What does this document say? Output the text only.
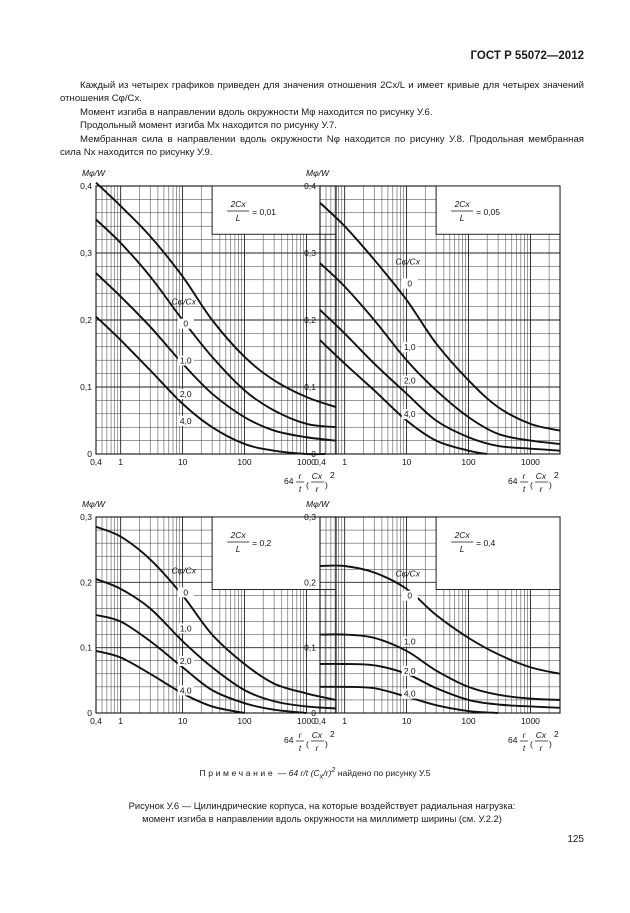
ГОСТ Р 55072—2012

Каждый из четырех графиков приведен для значения отношения 2Cx/L и имеет кривые для четырех значений отношения Cφ/Cx.

Момент изгиба в направлении вдоль окружности Mφ находится по рисунку У.6.

Продольный момент изгиба Mx находится по рисунку У.7.

Мембранная сила в направлении вдоль окружности Nφ находится по рисунку У.8. Продольная мембранная сила Nx находится по рисунку У.9.

2Cx
L
= 0,01
Cφ/Cx
0
1,0
2,0
4,0
0
0,1
0,2
0,3
0,4
Mφ/W
0,4 1	10	100	1000
64 r
t (
Cx
r )
2
2Cx
L
= 0,05
Cφ/Cx
0
1,0
2,0
4,0
0
0,1
0,2
0,3
0,4
Mφ/W
0,4 1	10	100	1000
64 r
t (
Cx
r )
2
2Cx
L
= 0,2
Cφ/Cx
0
1,0
2,0
4,0
0
0,1
0,2
0,3
Mφ/W
0,4 1	10	100	1000
64 r
t (
Cx
r )
2
2Cx
L
= 0,4
Cφ/Cx
0
1,0
2,0
4,0
0
0,1
0,2
0,3
Mφ/W
0,4 1	10	100	1000
64 r
t (
Cx
r )
2
Примечание — 64 r/t $(C_x/r)^2$ найдено по рисунку У.5
Рисунок У.6 — Цилиндрические корпуса, на которые воздействует радиальная нагрузка:
момент изгиба в направлении вдоль окружности на миллиметр ширины (см. У.2.2)
125
